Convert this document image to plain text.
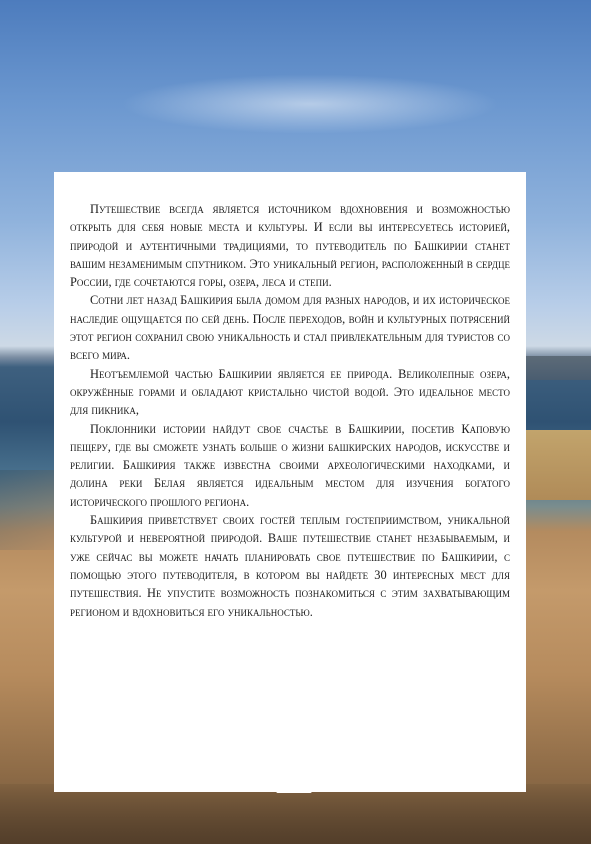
Путешествие всегда является источником вдохновения и возможностью открыть для себя новые места и культуры. И если вы интересуетесь историей, природой и аутентичными традициями, то путеводитель по Башкирии станет вашим незаменимым спутником. Это уникальный регион, расположенный в сердце России, где сочетаются горы, озера, леса и степи.

Сотни лет назад Башкирия была домом для разных народов, и их историческое наследие ощущается по сей день. После переходов, войн и культурных потрясений этот регион сохранил свою уникальность и стал привлекательным для туристов со всего мира.

Неотъемлемой частью Башкирии является ее природа. Великолепные озера, окружённые горами и обладают кристально чистой водой. Это идеальное место для пикника,

Поклонники истории найдут свое счастье в Башкирии, посетив Каповую пещеру, где вы сможете узнать больше о жизни башкирских народов, искусстве и религии. Башкирия также известна своими археологическими находками, и долина реки Белая является идеальным местом для изучения богатого исторического прошлого региона.

Башкирия приветствует своих гостей теплым гостеприимством, уникальной культурой и невероятной природой. Ваше путешествие станет незабываемым, и уже сейчас вы можете начать планировать свое путешествие по Башкирии, с помощью этого путеводителя, в котором вы найдете 30 интересных мест для путешествия. Не упустите возможность познакомиться с этим захватывающим регионом и вдохновиться его уникальностью.
